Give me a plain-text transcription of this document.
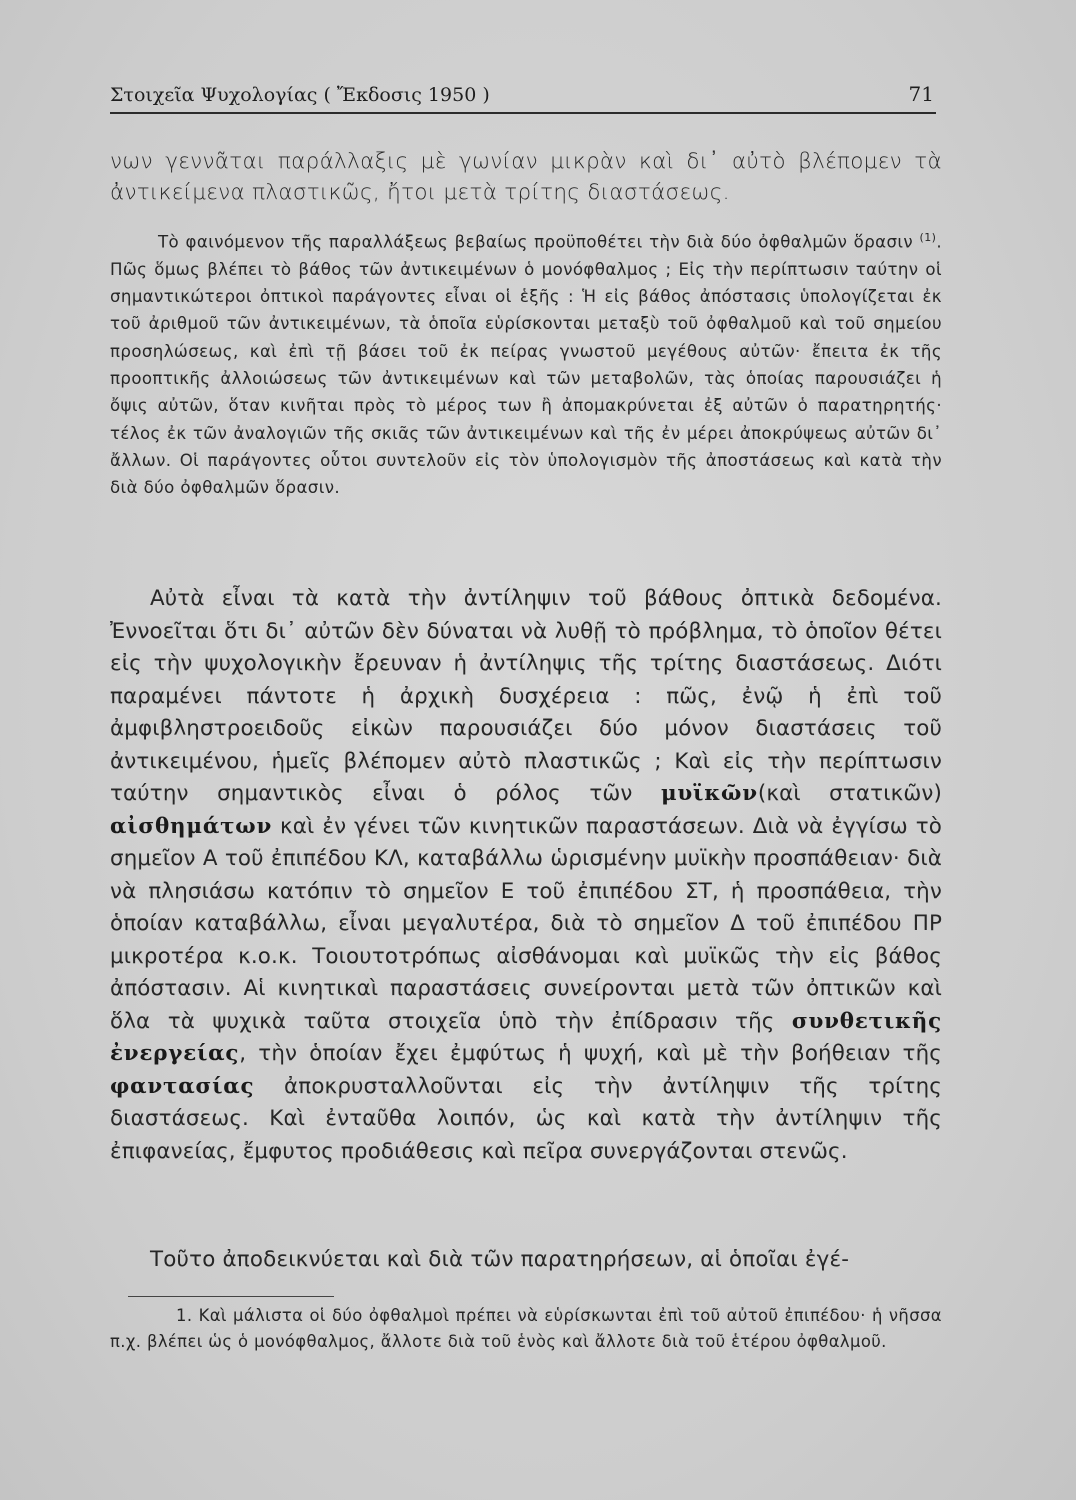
Στοιχεῖα Ψυχολογίας ( Ἔκδοσις 1950 )	71

νων γεννᾶται παράλλαξις μὲ γωνίαν μικρὰν καὶ δι᾽ αὐτὸ βλέπομεν τὰ ἀντικείμενα πλαστικῶς, ἤτοι μετὰ τρίτης διαστάσεως.

Τὸ φαινόμενον τῆς παραλλάξεως βεβαίως προϋποθέτει τὴν διὰ δύο ὀφθαλμῶν ὅρασιν $^{(1)}$. Πῶς ὅμως βλέπει τὸ βάθος τῶν ἀντικειμένων ὁ μονόφθαλμος ; Εἰς τὴν περίπτωσιν ταύτην οἱ σημαντικώτεροι ὀπτικοὶ παράγοντες εἶναι οἱ ἑξῆς : Ἡ εἰς βάθος ἀπόστασις ὑπολογίζεται ἐκ τοῦ ἀριθμοῦ τῶν ἀντικειμένων, τὰ ὁποῖα εὑρίσκονται μεταξὺ τοῦ ὀφθαλμοῦ καὶ τοῦ σημείου προσηλώσεως, καὶ ἐπὶ τῇ βάσει τοῦ ἐκ πείρας γνωστοῦ μεγέθους αὐτῶν· ἔπειτα ἐκ τῆς προοπτικῆς ἀλλοιώσεως τῶν ἀντικειμένων καὶ τῶν μεταβολῶν, τὰς ὁποίας παρουσιάζει ἡ ὄψις αὐτῶν, ὅταν κινῆται πρὸς τὸ μέρος των ἢ ἀπομακρύνεται ἐξ αὐτῶν ὁ παρατηρητής· τέλος ἐκ τῶν ἀναλογιῶν τῆς σκιᾶς τῶν ἀντικειμένων καὶ τῆς ἐν μέρει ἀποκρύψεως αὐτῶν δι᾽ ἄλλων. Οἱ παράγοντες οὗτοι συντελοῦν εἰς τὸν ὑπολογισμὸν τῆς ἀποστάσεως καὶ κατὰ τὴν διὰ δύο ὀφθαλμῶν ὅρασιν.

Αὐτὰ εἶναι τὰ κατὰ τὴν ἀντίληψιν τοῦ βάθους ὀπτικὰ δεδομένα. Ἐννοεῖται ὅτι δι᾽ αὐτῶν δὲν δύναται νὰ λυθῇ τὸ πρόβλημα, τὸ ὁποῖον θέτει εἰς τὴν ψυχολογικὴν ἔρευναν ἡ ἀντίληψις τῆς τρίτης διαστάσεως. Διότι παραμένει πάντοτε ἡ ἀρχικὴ δυσχέρεια : πῶς, ἐνῷ ἡ ἐπὶ τοῦ ἀμφιβληστροειδοῦς εἰκὼν παρουσιάζει δύο μόνον διαστάσεις τοῦ ἀντικειμένου, ἡμεῖς βλέπομεν αὐτὸ πλαστικῶς ; Καὶ εἰς τὴν περίπτωσιν ταύτην σημαντικὸς εἶναι ὁ ρόλος τῶν μυϊκῶν(καὶ στατικῶν) αἰσθημάτων καὶ ἐν γένει τῶν κινητικῶν παραστάσεων. Διὰ νὰ ἐγγίσω τὸ σημεῖον Α τοῦ ἐπιπέδου ΚΛ, καταβάλλω ὡρισμένην μυϊκὴν προσπάθειαν· διὰ νὰ πλησιάσω κατόπιν τὸ σημεῖον Ε τοῦ ἐπιπέδου ΣΤ, ἡ προσπάθεια, τὴν ὁποίαν καταβάλλω, εἶναι μεγαλυτέρα, διὰ τὸ σημεῖον Δ τοῦ ἐπιπέδου ΠΡ μικροτέρα κ.ο.κ. Τοιουτοτρόπως αἰσθάνομαι καὶ μυϊκῶς τὴν εἰς βάθος ἀπόστασιν. Αἱ κινητικαὶ παραστάσεις συνείρονται μετὰ τῶν ὀπτικῶν καὶ ὅλα τὰ ψυχικὰ ταῦτα στοιχεῖα ὑπὸ τὴν ἐπίδρασιν τῆς συνθετικῆς ἐνεργείας, τὴν ὁποίαν ἔχει ἐμφύτως ἡ ψυχή, καὶ μὲ τὴν βοήθειαν τῆς φαντασίας ἀποκρυσταλλοῦνται εἰς τὴν ἀντίληψιν τῆς τρίτης διαστάσεως. Καὶ ἐνταῦθα λοιπόν, ὡς καὶ κατὰ τὴν ἀντίληψιν τῆς ἐπιφανείας, ἔμφυτος προδιάθεσις καὶ πεῖρα συνεργάζονται στενῶς.

Τοῦτο ἀποδεικνύεται καὶ διὰ τῶν παρατηρήσεων, αἱ ὁποῖαι ἐγέ-

1. Καὶ μάλιστα οἱ δύο ὀφθαλμοὶ πρέπει νὰ εὑρίσκωνται ἐπὶ τοῦ αὐτοῦ ἐπιπέδου· ἡ νῆσσα π.χ. βλέπει ὡς ὁ μονόφθαλμος, ἄλλοτε διὰ τοῦ ἑνὸς καὶ ἄλλοτε διὰ τοῦ ἑτέρου ὀφθαλμοῦ.
